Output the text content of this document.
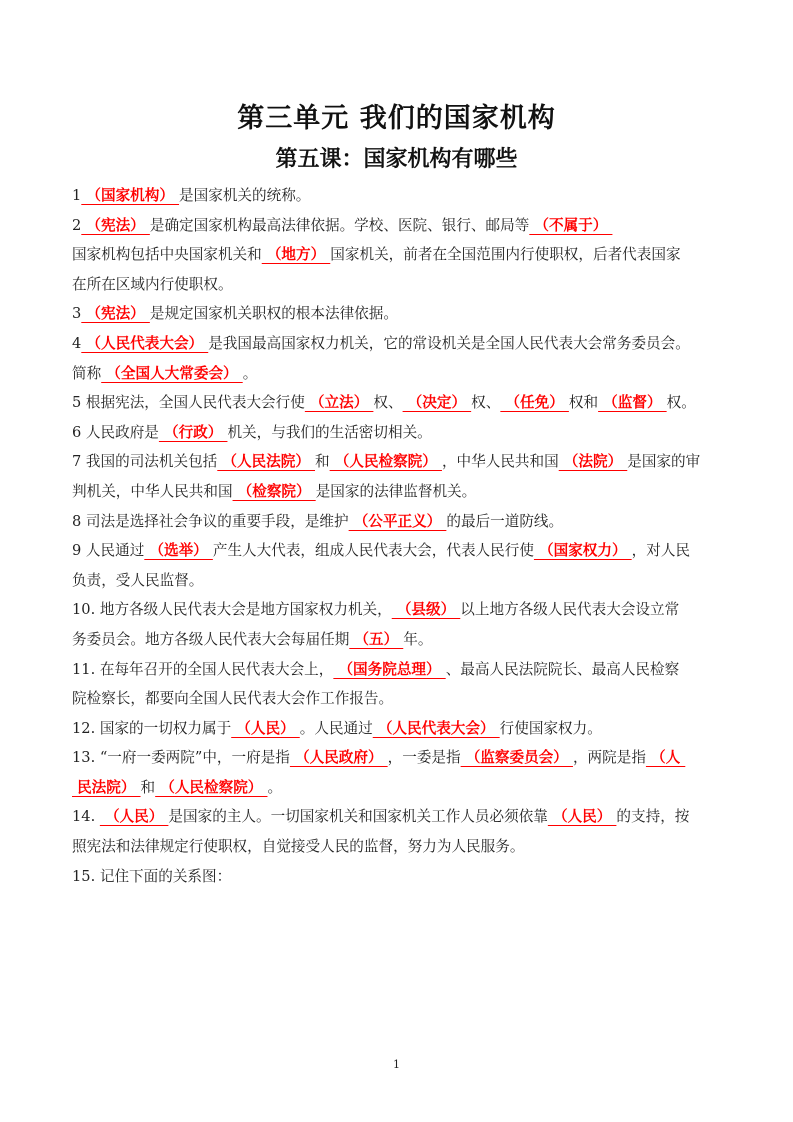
第三单元 我们的国家机构
第五课：国家机构有哪些
1 （国家机构） 是国家机关的统称。
2 （宪法） 是确定国家机构最高法律依据。学校、医院、银行、邮局等 （不属于）
国家机构包括中央国家机关和 （地方） 国家机关，前者在全国范围内行使职权，后者代表国家
在所在区域内行使职权。
3 （宪法） 是规定国家机关职权的根本法律依据。
4 （人民代表大会） 是我国最高国家权力机关，它的常设机关是全国人民代表大会常务委员会。
简称 （全国人大常委会） 。
5 根据宪法，全国人民代表大会行使 （立法） 权、 （决定） 权、 （任免） 权和 （监督） 权。
6 人民政府是 （行政） 机关，与我们的生活密切相关。
7 我国的司法机关包括 （人民法院） 和 （人民检察院） ，中华人民共和国 （法院） 是国家的审
判机关，中华人民共和国 （检察院） 是国家的法律监督机关。
8 司法是选择社会争议的重要手段，是维护 （公平正义） 的最后一道防线。
9 人民通过 （选举） 产生人大代表，组成人民代表大会，代表人民行使 （国家权力） ，对人民
负责，受人民监督。
10. 地方各级人民代表大会是地方国家权力机关， （县级） 以上地方各级人民代表大会设立常
务委员会。地方各级人民代表大会每届任期 （五） 年。
11. 在每年召开的全国人民代表大会上， （国务院总理） 、最高人民法院院长、最高人民检察
院检察长，都要向全国人民代表大会作工作报告。
12. 国家的一切权力属于 （人民） 。人民通过 （人民代表大会） 行使国家权力。
13. “一府一委两院”中，一府是指 （人民政府） ，一委是指 （监察委员会） ，两院是指 （人
民法院） 和 （人民检察院） 。
14.  （人民） 是国家的主人。一切国家机关和国家机关工作人员必须依靠 （人民） 的支持，按
照宪法和法律规定行使职权，自觉接受人民的监督，努力为人民服务。
15. 记住下面的关系图：
1
